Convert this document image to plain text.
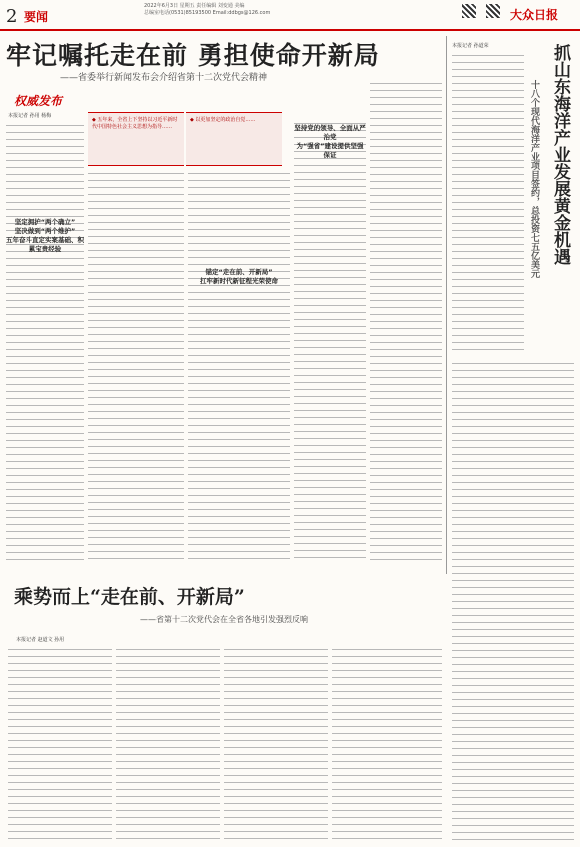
2 要闻
2022年6月3日 星期五 责任编辑 刘变通 美编
总编室电话(0531)85193500 Email:ddbgs@126.com	大众日报
牢记嘱托走在前 勇担使命开新局
——省委举行新闻发布会介绍省第十二次党代会精神
权威发布
本报记者 孙用 杨梅
◆ 五年来，全省上下坚持以习近平新时代中国特色社会主义思想为指导……
◆ 以更加坚定的政治自觉……
坚定拥护“两个确立”
坚决做到“两个维护”
五年奋斗直定实案基础、积累宝贵经验
锚定“走在前、开新局”
扛牢新时代新征程光荣使命
坚持党的领导、全面从严治党
为“强省”建设提供坚强保证
本报记者 孙道荣	抓山东海洋产业发展黄金机遇
十八个现代海洋产业项目签约，总投资七五亿美元
乘势而上“走在前、开新局”
——省第十二次党代会在全省各地引发强烈反响
本报记者 赵道文 孙用
